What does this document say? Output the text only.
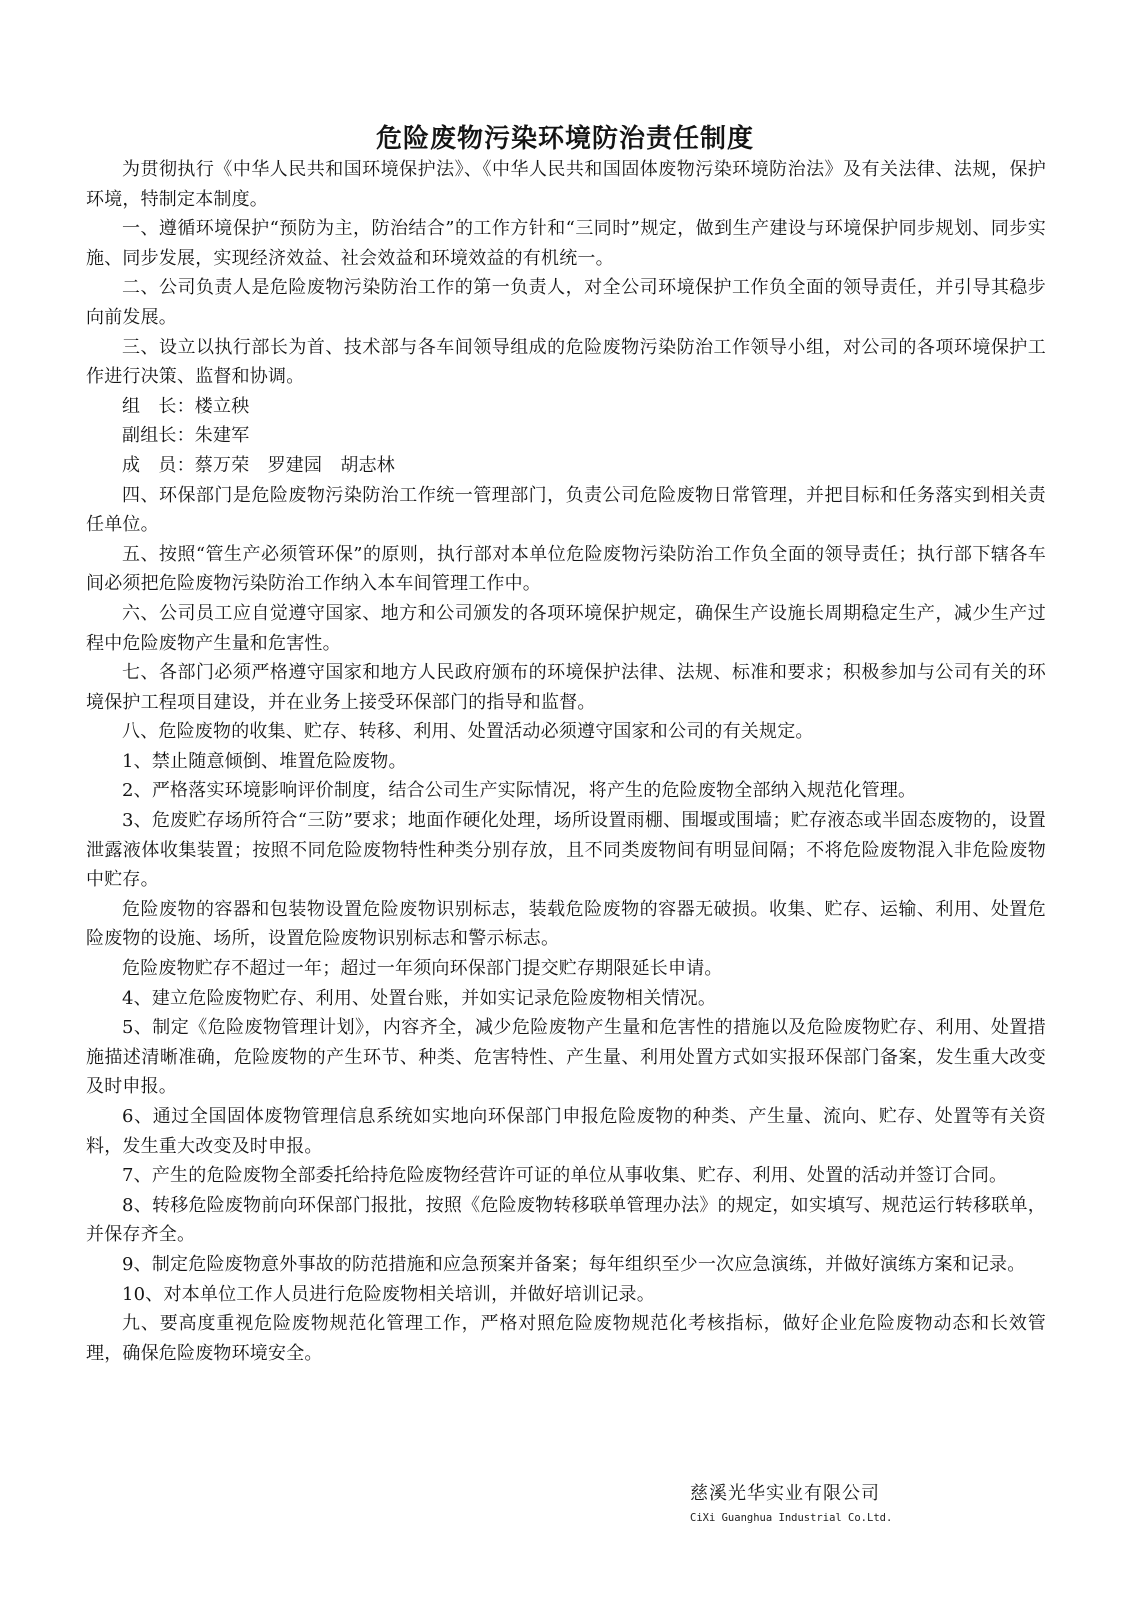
危险废物污染环境防治责任制度

为贯彻执行《中华人民共和国环境保护法》、《中华人民共和国固体废物污染环境防治法》及有关法律、法规，保护环境，特制定本制度。

一、遵循环境保护“预防为主，防治结合”的工作方针和“三同时”规定，做到生产建设与环境保护同步规划、同步实施、同步发展，实现经济效益、社会效益和环境效益的有机统一。

二、公司负责人是危险废物污染防治工作的第一负责人，对全公司环境保护工作负全面的领导责任，并引导其稳步向前发展。

三、设立以执行部长为首、技术部与各车间领导组成的危险废物污染防治工作领导小组，对公司的各项环境保护工作进行决策、监督和协调。

组　长：楼立秧

副组长：朱建军

成　员：蔡万荣　罗建园　胡志林

四、环保部门是危险废物污染防治工作统一管理部门，负责公司危险废物日常管理，并把目标和任务落实到相关责任单位。

五、按照“管生产必须管环保”的原则，执行部对本单位危险废物污染防治工作负全面的领导责任；执行部下辖各车间必须把危险废物污染防治工作纳入本车间管理工作中。

六、公司员工应自觉遵守国家、地方和公司颁发的各项环境保护规定，确保生产设施长周期稳定生产，减少生产过程中危险废物产生量和危害性。

七、各部门必须严格遵守国家和地方人民政府颁布的环境保护法律、法规、标准和要求；积极参加与公司有关的环境保护工程项目建设，并在业务上接受环保部门的指导和监督。

八、危险废物的收集、贮存、转移、利用、处置活动必须遵守国家和公司的有关规定。

1、禁止随意倾倒、堆置危险废物。

2、严格落实环境影响评价制度，结合公司生产实际情况，将产生的危险废物全部纳入规范化管理。

3、危废贮存场所符合“三防”要求；地面作硬化处理，场所设置雨棚、围堰或围墙；贮存液态或半固态废物的，设置泄露液体收集装置；按照不同危险废物特性种类分别存放，且不同类废物间有明显间隔；不将危险废物混入非危险废物中贮存。

危险废物的容器和包装物设置危险废物识别标志，装载危险废物的容器无破损。收集、贮存、运输、利用、处置危险废物的设施、场所，设置危险废物识别标志和警示标志。

危险废物贮存不超过一年；超过一年须向环保部门提交贮存期限延长申请。

4、建立危险废物贮存、利用、处置台账，并如实记录危险废物相关情况。

5、制定《危险废物管理计划》，内容齐全，减少危险废物产生量和危害性的措施以及危险废物贮存、利用、处置措施描述清晰准确，危险废物的产生环节、种类、危害特性、产生量、利用处置方式如实报环保部门备案，发生重大改变及时申报。

6、通过全国固体废物管理信息系统如实地向环保部门申报危险废物的种类、产生量、流向、贮存、处置等有关资料，发生重大改变及时申报。

7、产生的危险废物全部委托给持危险废物经营许可证的单位从事收集、贮存、利用、处置的活动并签订合同。

8、转移危险废物前向环保部门报批，按照《危险废物转移联单管理办法》的规定，如实填写、规范运行转移联单，并保存齐全。

9、制定危险废物意外事故的防范措施和应急预案并备案；每年组织至少一次应急演练，并做好演练方案和记录。

10、对本单位工作人员进行危险废物相关培训，并做好培训记录。

九、要高度重视危险废物规范化管理工作，严格对照危险废物规范化考核指标，做好企业危险废物动态和长效管理，确保危险废物环境安全。

慈溪光华实业有限公司

CiXi Guanghua Industrial Co.Ltd.
